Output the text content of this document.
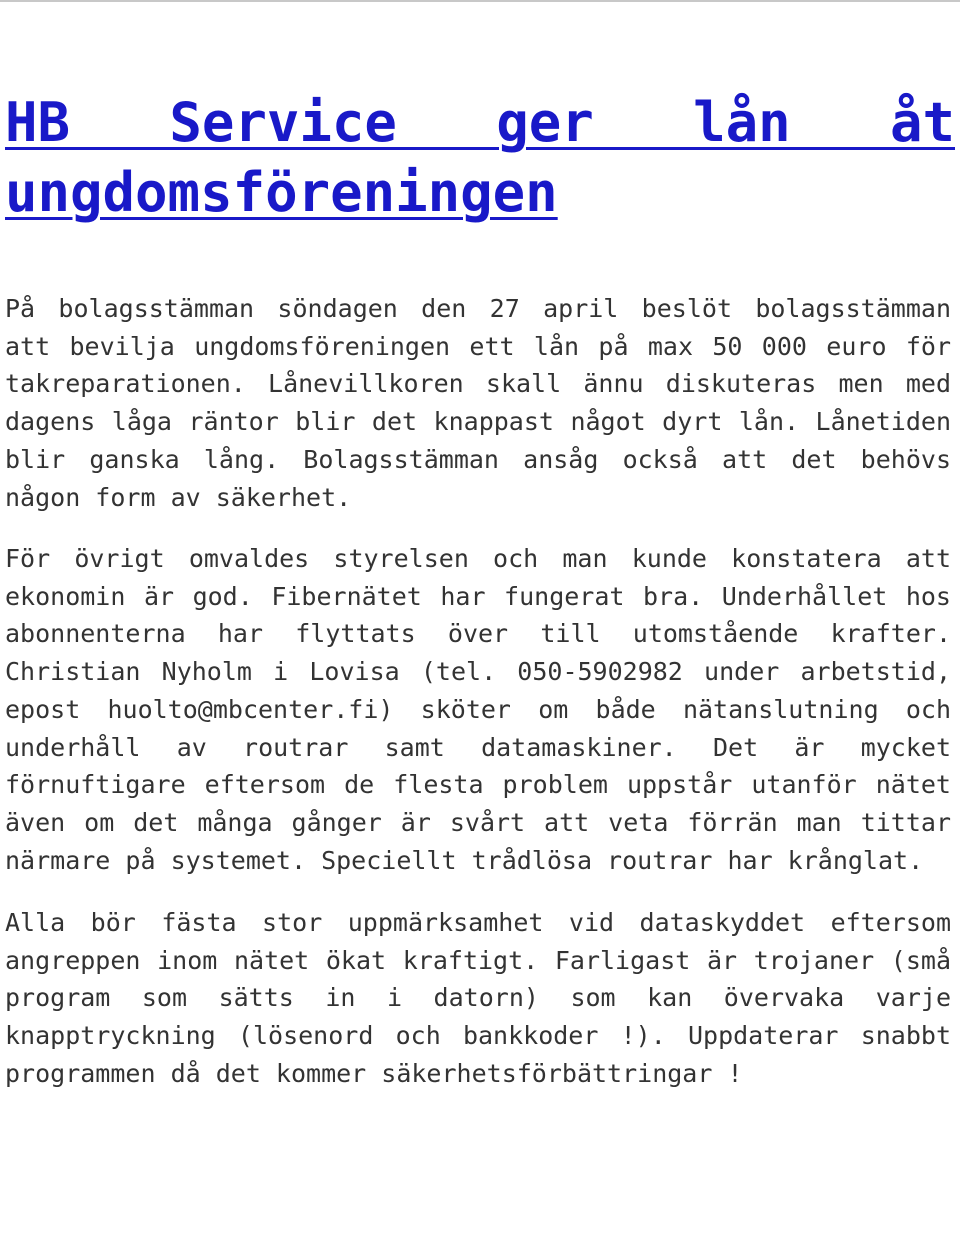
HB Service ger lån åt ungdomsföreningen

På bolagsstämman söndagen den 27 april beslöt bolagsstämman att bevilja ungdomsföreningen ett lån på max 50 000 euro för takreparationen. Lånevillkoren skall ännu diskuteras men med dagens låga räntor blir det knappast något dyrt lån. Lånetiden blir ganska lång. Bolagsstämman ansåg också att det behövs någon form av säkerhet.

För övrigt omvaldes styrelsen och man kunde konstatera att ekonomin är god. Fibernätet har fungerat bra. Underhållet hos abonnenterna har flyttats över till utomstående krafter. Christian Nyholm i Lovisa (tel. 050-5902982 under arbetstid, epost huolto@mbcenter.fi) sköter om både nätanslutning och underhåll av routrar samt datamaskiner. Det är mycket förnuftigare eftersom de flesta problem uppstår utanför nätet även om det många gånger är svårt att veta förrän man tittar närmare på systemet. Speciellt trådlösa routrar har krånglat.

Alla bör fästa stor uppmärksamhet vid dataskyddet eftersom angreppen inom nätet ökat kraftigt. Farligast är trojaner (små program som sätts in i datorn) som kan övervaka varje knapptryckning (lösenord och bankkoder !). Uppdaterar snabbt programmen då det kommer säkerhetsförbättringar !
